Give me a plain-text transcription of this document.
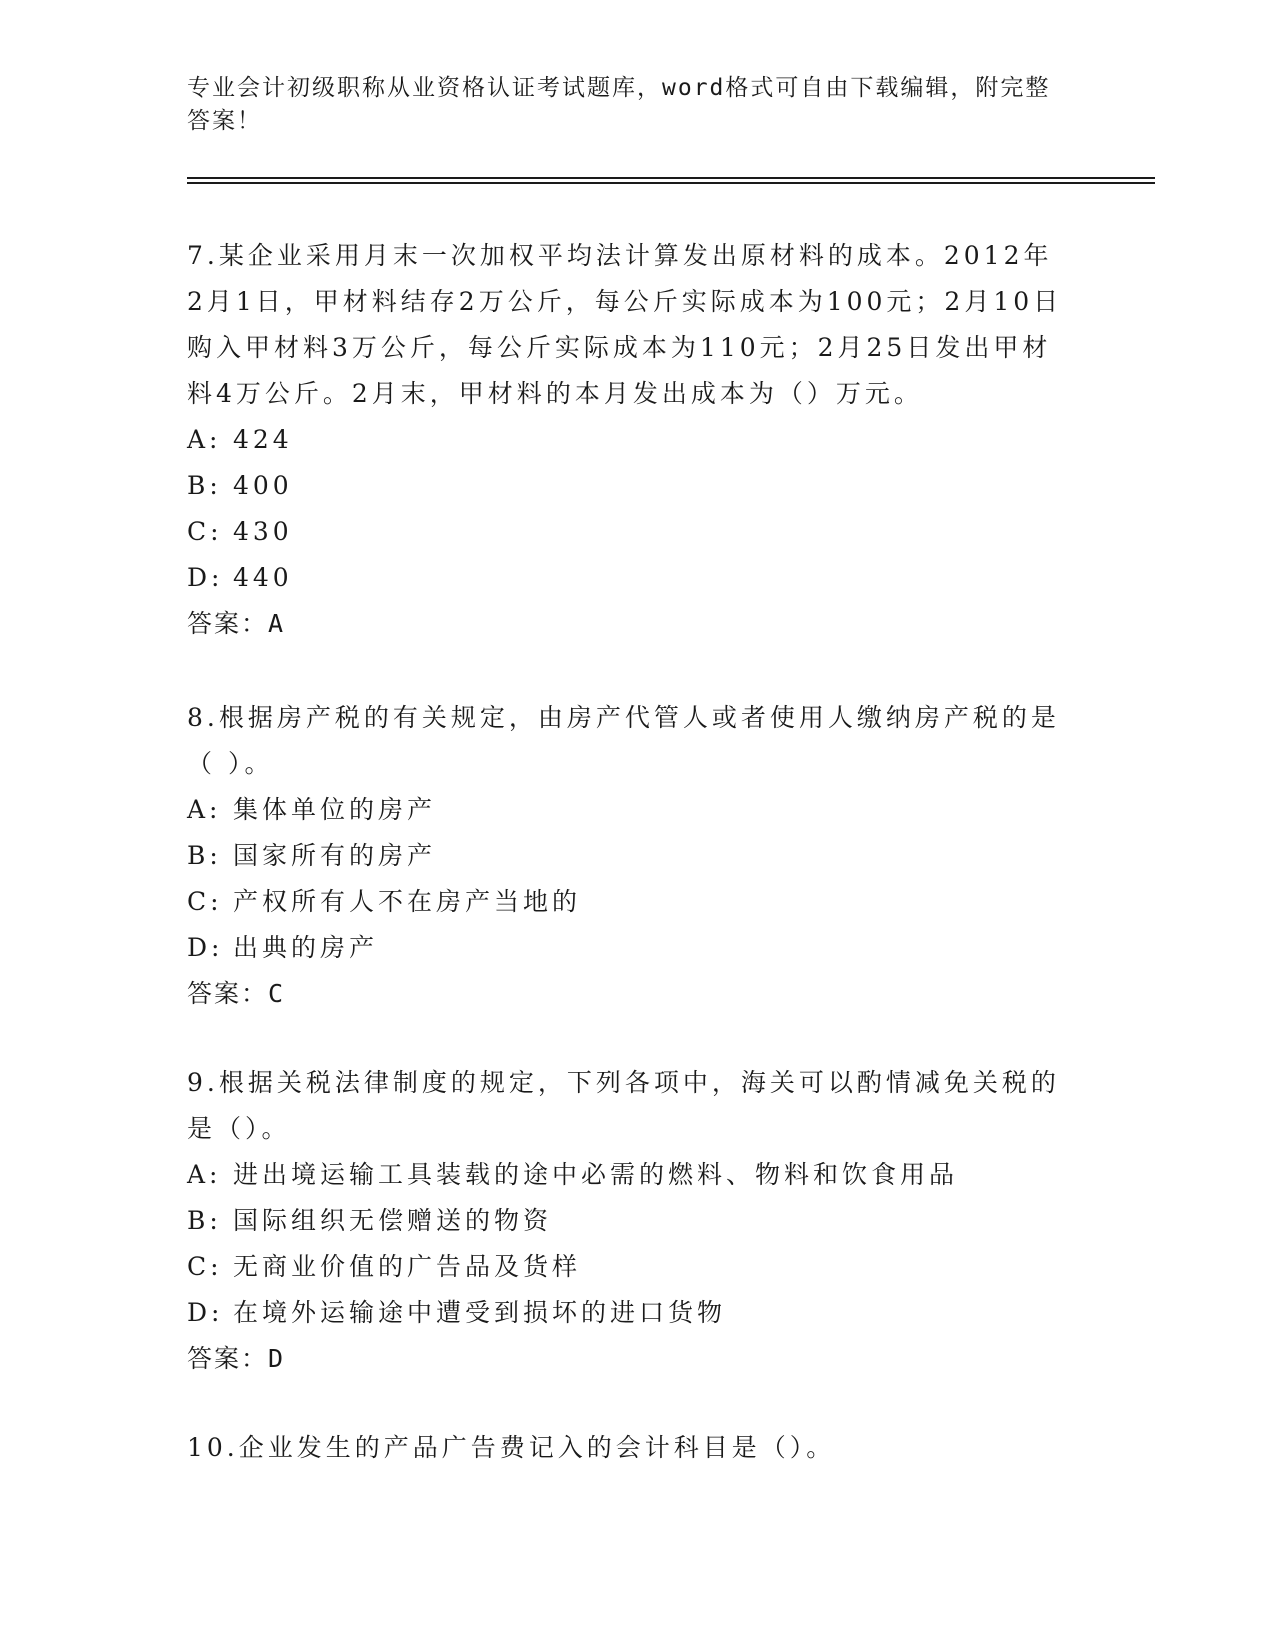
专业会计初级职称从业资格认证考试题库，word格式可自由下载编辑，附完整答案！

7.某企业采用月末一次加权平均法计算发出原材料的成本。2012年2月1日，甲材料结存2万公斤，每公斤实际成本为100元；2月10日购入甲材料3万公斤，每公斤实际成本为110元；2月25日发出甲材料4万公斤。2月末，甲材料的本月发出成本为（）万元。

A: 424

B: 400

C: 430

D: 440

答案：A

8.根据房产税的有关规定，由房产代管人或者使用人缴纳房产税的是（ ）。

A: 集体单位的房产

B: 国家所有的房产

C: 产权所有人不在房产当地的

D: 出典的房产

答案：C

9.根据关税法律制度的规定，下列各项中，海关可以酌情减免关税的是（）。

A: 进出境运输工具装载的途中必需的燃料、物料和饮食用品

B: 国际组织无偿赠送的物资

C: 无商业价值的广告品及货样

D: 在境外运输途中遭受到损坏的进口货物

答案：D

10.企业发生的产品广告费记入的会计科目是（）。
